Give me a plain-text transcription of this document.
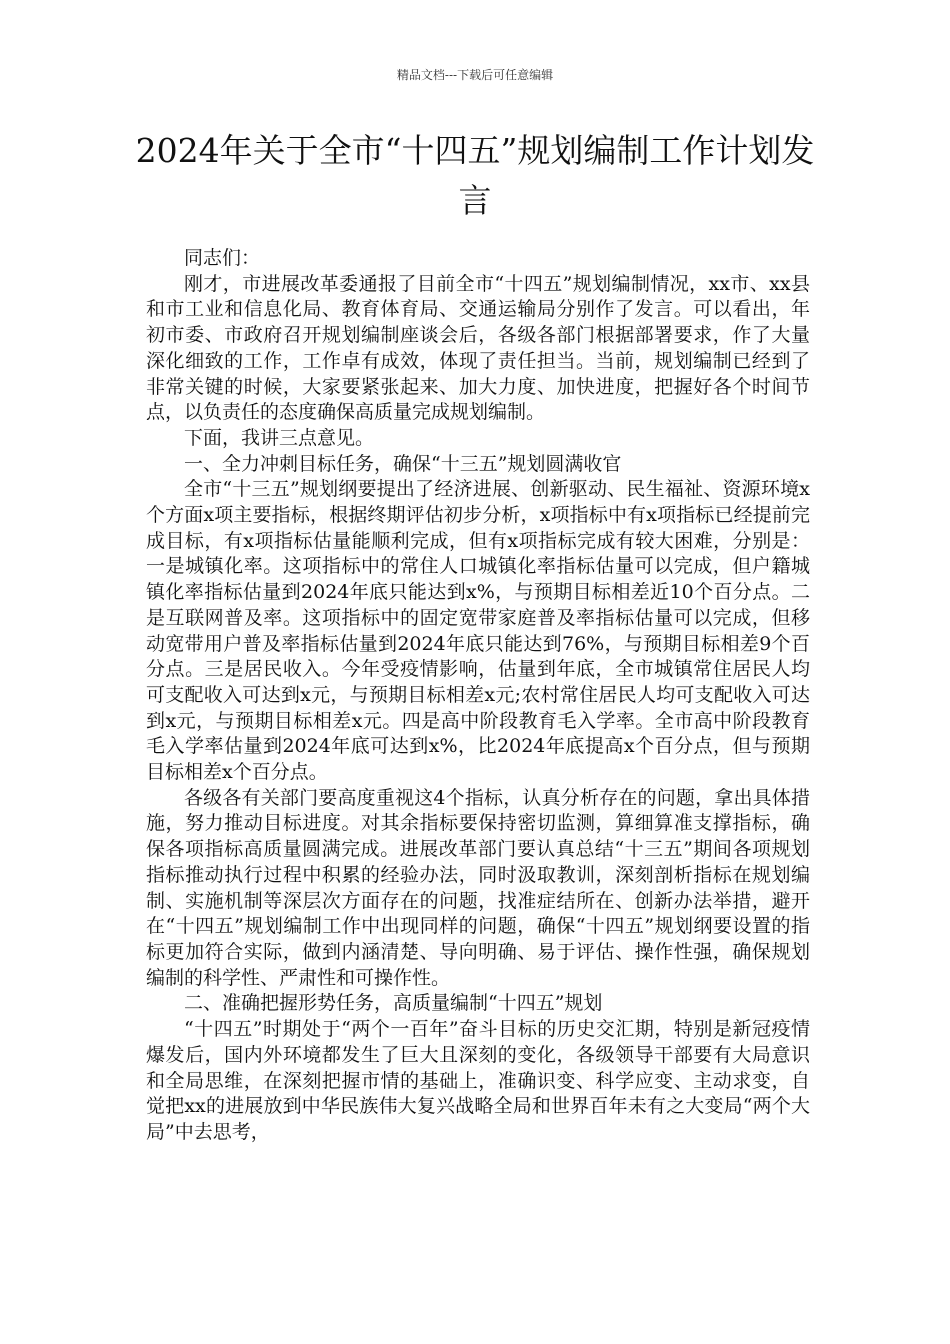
精品文档---下载后可任意编辑
2024年关于全市“十四五”规划编制工作计划发言

同志们：

刚才，市进展改革委通报了目前全市“十四五”规划编制情况，xx市、xx县和市工业和信息化局、教育体育局、交通运输局分别作了发言。可以看出，年初市委、市政府召开规划编制座谈会后，各级各部门根据部署要求，作了大量深化细致的工作，工作卓有成效，体现了责任担当。当前，规划编制已经到了非常关键的时候，大家要紧张起来、加大力度、加快进度，把握好各个时间节点，以负责任的态度确保高质量完成规划编制。

下面，我讲三点意见。

一、全力冲刺目标任务，确保“十三五”规划圆满收官

全市“十三五”规划纲要提出了经济进展、创新驱动、民生福祉、资源环境x个方面x项主要指标，根据终期评估初步分析，x项指标中有x项指标已经提前完成目标，有x项指标估量能顺利完成，但有x项指标完成有较大困难，分别是：一是城镇化率。这项指标中的常住人口城镇化率指标估量可以完成，但户籍城镇化率指标估量到2024年底只能达到x%，与预期目标相差近10个百分点。二是互联网普及率。这项指标中的固定宽带家庭普及率指标估量可以完成，但移动宽带用户普及率指标估量到2024年底只能达到76%，与预期目标相差9个百分点。三是居民收入。今年受疫情影响，估量到年底，全市城镇常住居民人均可支配收入可达到x元，与预期目标相差x元;农村常住居民人均可支配收入可达到x元，与预期目标相差x元。四是高中阶段教育毛入学率。全市高中阶段教育毛入学率估量到2024年底可达到x%，比2024年底提高x个百分点，但与预期目标相差x个百分点。

各级各有关部门要高度重视这4个指标，认真分析存在的问题，拿出具体措施，努力推动目标进度。对其余指标要保持密切监测，算细算准支撑指标，确保各项指标高质量圆满完成。进展改革部门要认真总结“十三五”期间各项规划指标推动执行过程中积累的经验办法，同时汲取教训，深刻剖析指标在规划编制、实施机制等深层次方面存在的问题，找准症结所在、创新办法举措，避开在“十四五”规划编制工作中出现同样的问题，确保“十四五”规划纲要设置的指标更加符合实际，做到内涵清楚、导向明确、易于评估、操作性强，确保规划编制的科学性、严肃性和可操作性。

二、准确把握形势任务，高质量编制“十四五”规划

“十四五”时期处于“两个一百年”奋斗目标的历史交汇期，特别是新冠疫情爆发后，国内外环境都发生了巨大且深刻的变化，各级领导干部要有大局意识和全局思维，在深刻把握市情的基础上，准确识变、科学应变、主动求变，自觉把xx的进展放到中华民族伟大复兴战略全局和世界百年未有之大变局“两个大局”中去思考，
